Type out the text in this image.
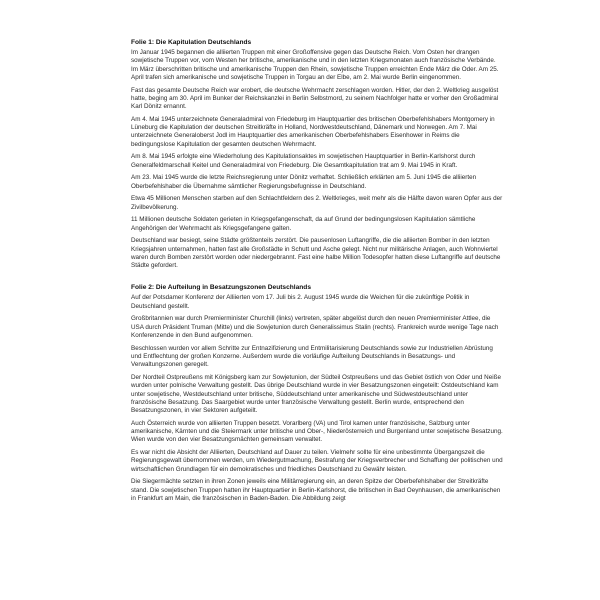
Folie 1: Die Kapitulation Deutschlands

Im Januar 1945 begannen die alliierten Truppen mit einer Großoffensive gegen das Deutsche Reich. Vom Osten her drangen sowjetische Truppen vor, vom Westen her britische, amerikanische und in den letzten Kriegsmonaten auch französische Verbände. Im März überschritten britische und amerikanische Truppen den Rhein, sowjetische Truppen erreichten Ende März die Oder. Am 25. April trafen sich amerikanische und sowjetische Truppen in Torgau an der Elbe, am 2. Mai wurde Berlin eingenommen.

Fast das gesamte Deutsche Reich war erobert, die deutsche Wehrmacht zerschlagen worden. Hitler, der den 2. Weltkrieg ausgelöst hatte, beging am 30. April im Bunker der Reichskanzlei in Berlin Selbstmord, zu seinem Nachfolger hatte er vorher den Großadmiral Karl Dönitz ernannt.

Am 4. Mai 1945 unterzeichnete Generaladmiral von Friedeburg im Hauptquartier des britischen Oberbefehlshabers Montgomery in Lüneburg die Kapitulation der deutschen Streitkräfte in Holland, Nordwestdeutschland, Dänemark und Norwegen. Am 7. Mai unterzeichnete Generaloberst Jodl im Hauptquartier des amerikanischen Oberbefehlshabers Eisenhower in Reims die bedingungslose Kapitulation der gesamten deutschen Wehrmacht.

Am 8. Mai 1945 erfolgte eine Wiederholung des Kapitulationsaktes im sowjetischen Hauptquartier in Berlin-Karlshorst durch Generalfeldmarschall Keitel und Generaladmiral von Friedeburg. Die Gesamtkapitulation trat am 9. Mai 1945 in Kraft.

Am 23. Mai 1945 wurde die letzte Reichsregierung unter Dönitz verhaftet. Schließlich erklärten am 5. Juni 1945 die alliierten Oberbefehlshaber die Übernahme sämtlicher Regierungsbefugnisse in Deutschland.

Etwa 45 Millionen Menschen starben auf den Schlachtfeldern des 2. Weltkrieges, weit mehr als die Hälfte davon waren Opfer aus der Zivilbevölkerung.

11 Millionen deutsche Soldaten gerieten in Kriegsgefangenschaft, da auf Grund der bedingungslosen Kapitulation sämtliche Angehörigen der Wehrmacht als Kriegsgefangene galten.

Deutschland war besiegt, seine Städte größtenteils zerstört. Die pausenlosen Luftangriffe, die die alliierten Bomber in den letzten Kriegsjahren unternahmen, hatten fast alle Großstädte in Schutt und Asche gelegt. Nicht nur militärische Anlagen, auch Wohnviertel waren durch Bomben zerstört worden oder niedergebrannt. Fast eine halbe Million Todesopfer hatten diese Luftangriffe auf deutsche Städte gefordert.

Folie 2: Die Aufteilung in Besatzungszonen Deutschlands

Auf der Potsdamer Konferenz der Alliierten vom 17. Juli bis 2. August 1945 wurde die Weichen für die zukünftige Politik in Deutschland gestellt.

Großbritannien war durch Premierminister Churchill (links) vertreten, später abgelöst durch den neuen Premierminister Attlee, die USA durch Präsident Truman (Mitte) und die Sowjetunion durch Generalissimus Stalin (rechts). Frankreich wurde wenige Tage nach Konferenzende in den Bund aufgenommen.

Beschlossen wurden vor allem Schritte zur Entnazifizierung und Entmilitarisierung Deutschlands sowie zur Industriellen Abrüstung und Entflechtung der großen Konzerne. Außerdem wurde die vorläufige Aufteilung Deutschlands in Besatzungs- und Verwaltungszonen geregelt.

Der Nordteil Ostpreußens mit Königsberg kam zur Sowjetunion, der Südteil Ostpreußens und das Gebiet östlich von Oder und Neiße wurden unter polnische Verwaltung gestellt. Das übrige Deutschland wurde in vier Besatzungszonen eingeteilt: Ostdeutschland kam unter sowjetische, Westdeutschland unter britische, Süddeutschland unter amerikanische und Südwestdeutschland unter französische Besatzung. Das Saargebiet wurde unter französische Verwaltung gestellt. Berlin wurde, entsprechend den Besatzungszonen, in vier Sektoren aufgeteilt.

Auch Österreich wurde von alliierten Truppen besetzt. Vorarlberg (VA) und Tirol kamen unter französische, Salzburg unter amerikanische, Kärnten und die Steiermark unter britische und Ober-, Niederösterreich und Burgenland unter sowjetische Besatzung. Wien wurde von den vier Besatzungsmächten gemeinsam verwaltet.

Es war nicht die Absicht der Alliierten, Deutschland auf Dauer zu teilen. Vielmehr sollte für eine unbestimmte Übergangszeit die Regierungsgewalt übernommen werden, um Wiedergutmachung, Bestrafung der Kriegsverbrecher und Schaffung der politischen und wirtschaftlichen Grundlagen für ein demokratisches und friedliches Deutschland zu Gewähr leisten.

Die Siegermächte setzten in ihren Zonen jeweils eine Militärregierung ein, an deren Spitze der Oberbefehlshaber der Streitkräfte stand. Die sowjetischen Truppen hatten ihr Hauptquartier in Berlin-Karlshorst, die britischen in Bad Oeynhausen, die amerikanischen in Frankfurt am Main, die französischen in Baden-Baden. Die Abbildung zeigt
